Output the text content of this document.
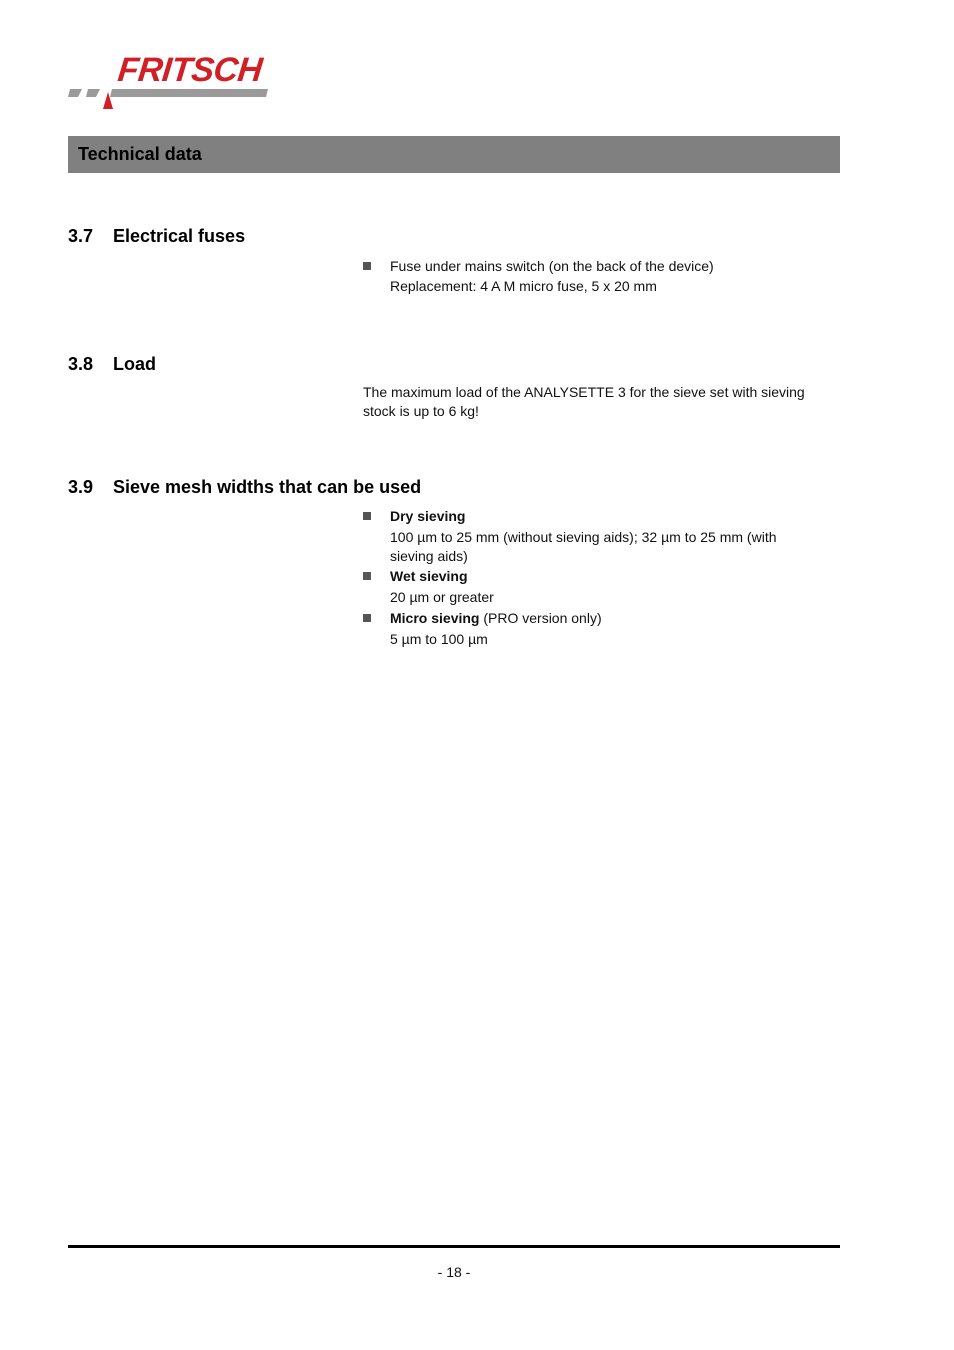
FRITSCH
Technical data
3.7 Electrical fuses
Fuse under mains switch (on the back of the device)
Replacement: 4 A M micro fuse, 5 x 20 mm
3.8 Load
The maximum load of the ANALYSETTE 3 for the sieve set with sieving stock is up to 6 kg!
3.9 Sieve mesh widths that can be used
Dry sieving
100 µm to 25 mm (without sieving aids); 32 µm to 25 mm (with sieving aids)
Wet sieving
20 µm or greater
Micro sieving (PRO version only)
5 µm to 100 µm
- 18 -
